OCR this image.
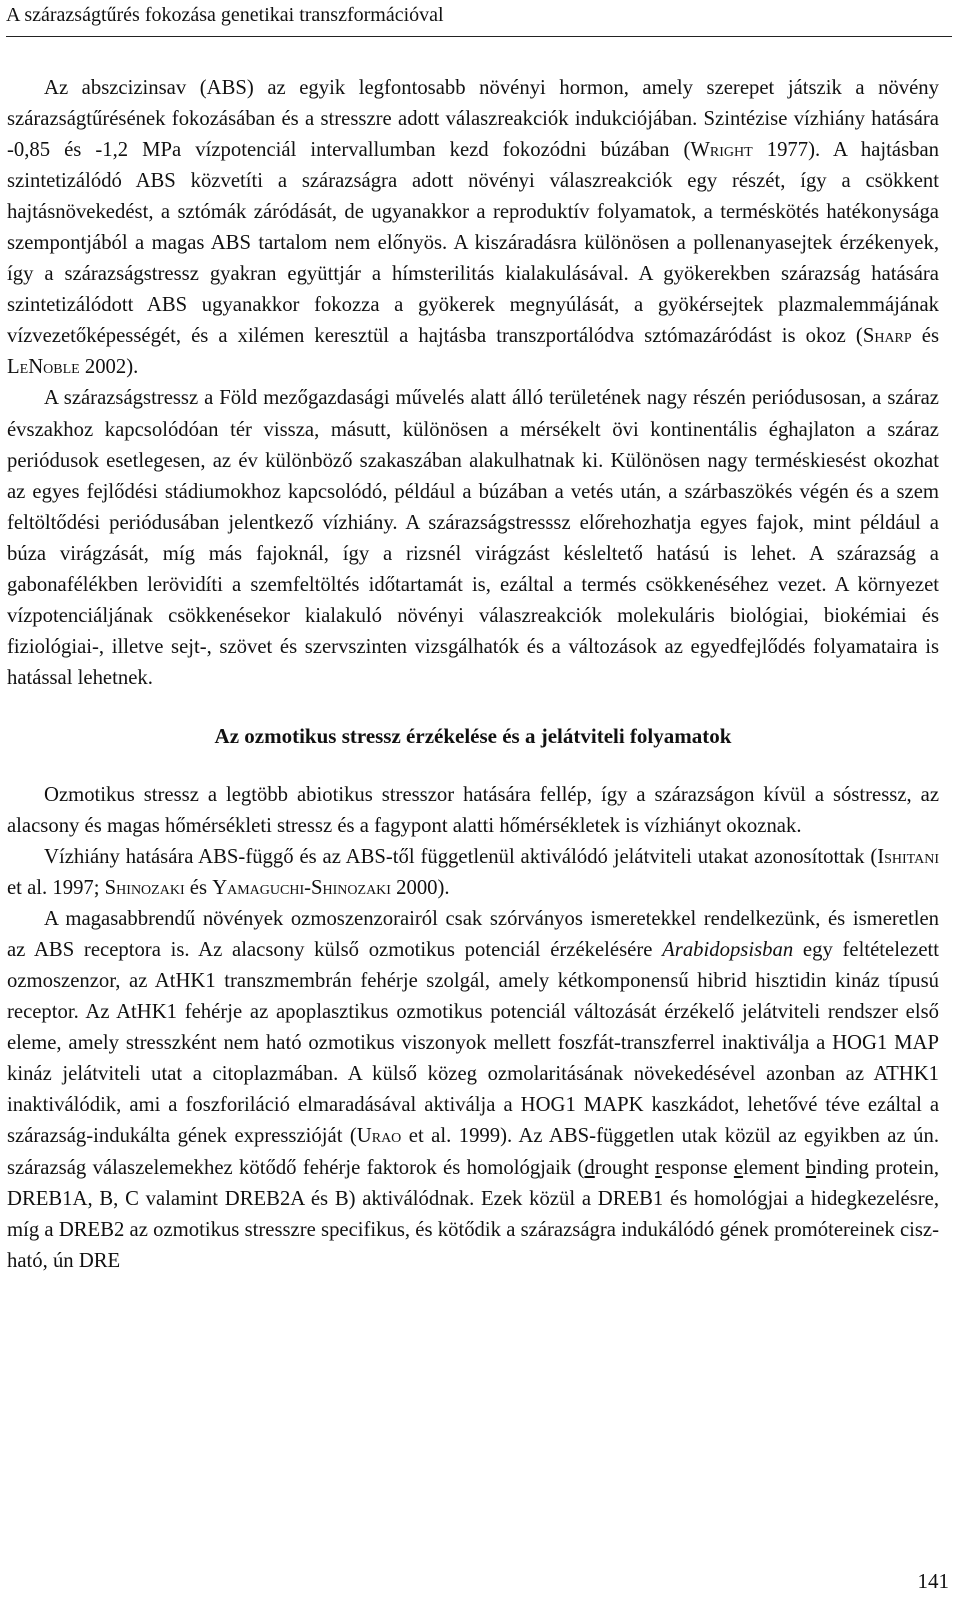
A szárazságtűrés fokozása genetikai transzformációval

Az abszcizinsav (ABS) az egyik legfontosabb növényi hormon, amely szerepet játszik a növény szárazságtűrésének fokozásában és a stresszre adott válaszreakciók indukciójában. Szintézise vízhiány hatására -0,85 és -1,2 MPa vízpotenciál intervallumban kezd fokozódni búzában (Wright 1977). A hajtásban szintetizálódó ABS közvetíti a szárazságra adott növényi válaszreakciók egy részét, így a csökkent hajtásnövekedést, a sztómák záródását, de ugyanakkor a reproduktív folyamatok, a terméskötés hatékonysága szempontjából a magas ABS tartalom nem előnyös. A kiszáradásra különösen a pollenanyasejtek érzékenyek, így a szárazságstressz gyakran együttjár a hímsterilitás kialakulásával. A gyökerekben szárazság hatására szintetizálódott ABS ugyanakkor fokozza a gyökerek megnyúlását, a gyökérsejtek plazmalemmájának vízvezetőképességét, és a xilémen keresztül a hajtásba transzportálódva sztómazáródást is okoz (Sharp és LeNoble 2002).

A szárazságstressz a Föld mezőgazdasági művelés alatt álló területének nagy részén periódusosan, a száraz évszakhoz kapcsolódóan tér vissza, másutt, különösen a mérsékelt övi kontinentális éghajlaton a száraz periódusok esetlegesen, az év különböző szakaszában alakulhatnak ki. Különösen nagy terméskiesést okozhat az egyes fejlődési stádiumokhoz kapcsolódó, például a búzában a vetés után, a szárbaszökés végén és a szem feltöltődési periódusában jelentkező vízhiány. A szárazságstresssz előrehozhatja egyes fajok, mint például a búza virágzását, míg más fajoknál, így a rizsnél virágzást késleltető hatású is lehet. A szárazság a gabonafélékben lerövidíti a szemfeltöltés időtartamát is, ezáltal a termés csökkenéséhez vezet. A környezet vízpotenciáljának csökkenésekor kialakuló növényi válaszreakciók molekuláris biológiai, biokémiai és fiziológiai-, illetve sejt-, szövet és szervszinten vizsgálhatók és a változások az egyedfejlődés folyamataira is hatással lehetnek.

Az ozmotikus stressz érzékelése és a jelátviteli folyamatok

Ozmotikus stressz a legtöbb abiotikus stresszor hatására fellép, így a szárazságon kívül a sóstressz, az alacsony és magas hőmérsékleti stressz és a fagypont alatti hőmérsékletek is vízhiányt okoznak.

Vízhiány hatására ABS-függő és az ABS-től függetlenül aktiválódó jelátviteli utakat azonosítottak (Ishitani et al. 1997; Shinozaki és Yamaguchi-Shinozaki 2000).

A magasabbrendű növények ozmoszenzorairól csak szórványos ismeretekkel rendelkezünk, és ismeretlen az ABS receptora is. Az alacsony külső ozmotikus potenciál érzékelésére Arabidopsisban egy feltételezett ozmoszenzor, az AtHK1 transzmembrán fehérje szolgál, amely kétkomponensű hibrid hisztidin kináz típusú receptor. Az AtHK1 fehérje az apoplasztikus ozmotikus potenciál változását érzékelő jelátviteli rendszer első eleme, amely stresszként nem ható ozmotikus viszonyok mellett foszfát-transzferrel inaktiválja a HOG1 MAP kináz jelátviteli utat a citoplazmában. A külső közeg ozmolaritásának növekedésével azonban az ATHK1 inaktiválódik, ami a foszforiláció elmaradásával aktiválja a HOG1 MAPK kaszkádot, lehetővé téve ezáltal a szárazság-indukálta gének expresszióját (Urao et al. 1999). Az ABS-független utak közül az egyikben az ún. szárazság válaszelemekhez kötődő fehérje faktorok és homológjaik (drought response element binding protein, DREB1A, B, C valamint DREB2A és B) aktiválódnak. Ezek közül a DREB1 és homológjai a hidegkezelésre, míg a DREB2 az ozmotikus stresszre specifikus, és kötődik a szárazságra indukálódó gének promótereinek cisz-ható, ún DRE

141
